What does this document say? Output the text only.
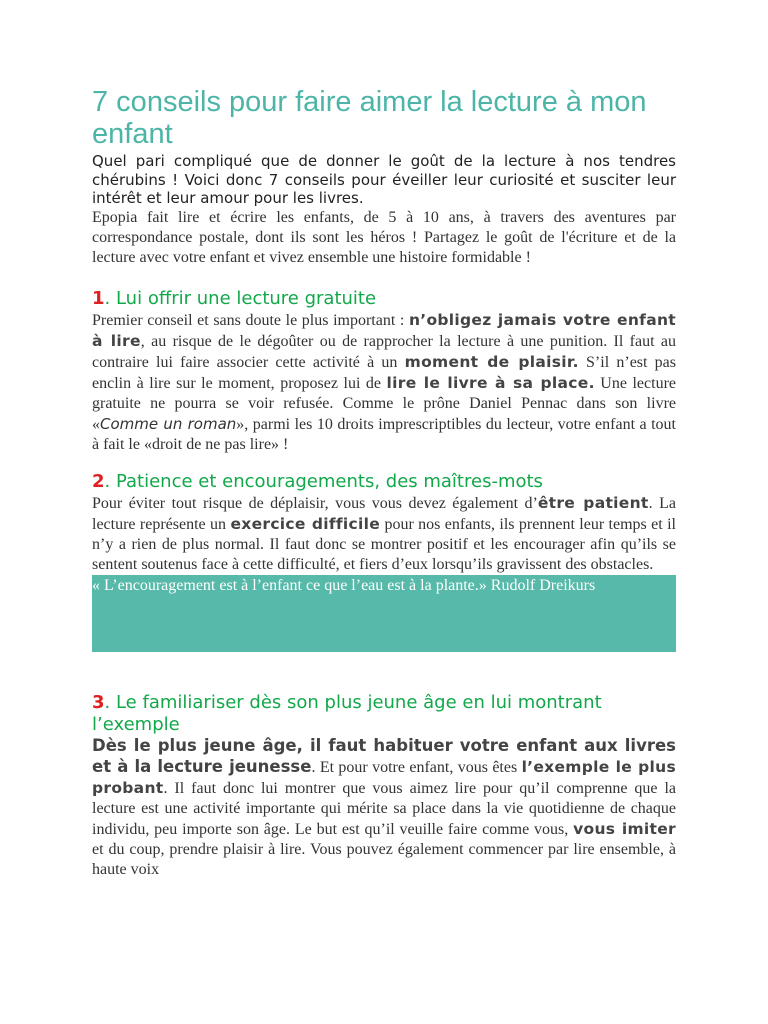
7 conseils pour faire aimer la lecture à mon enfant

Quel pari compliqué que de donner le goût de la lecture à nos tendres chérubins ! Voici donc 7 conseils pour éveiller leur curiosité et susciter leur intérêt et leur amour pour les livres.

Epopia fait lire et écrire les enfants, de 5 à 10 ans, à travers des aventures par correspondance postale, dont ils sont les héros ! Partagez le goût de l'écriture et de la lecture avec votre enfant et vivez ensemble une histoire formidable !

1. Lui offrir une lecture gratuite

Premier conseil et sans doute le plus important : n’obligez jamais votre enfant à lire, au risque de le dégoûter ou de rapprocher la lecture à une punition. Il faut au contraire lui faire associer cette activité à un moment de plaisir. S’il n’est pas enclin à lire sur le moment, proposez lui de lire le livre à sa place. Une lecture gratuite ne pourra se voir refusée. Comme le prône Daniel Pennac dans son livre «Comme un roman», parmi les 10 droits imprescriptibles du lecteur, votre enfant a tout à fait le «droit de ne pas lire» !

2. Patience et encouragements, des maîtres-mots

Pour éviter tout risque de déplaisir, vous vous devez également d’être patient. La lecture représente un exercice difficile pour nos enfants, ils prennent leur temps et il n’y a rien de plus normal. Il faut donc se montrer positif et les encourager afin qu’ils se sentent soutenus face à cette difficulté, et fiers d’eux lorsqu’ils gravissent des obstacles.

« L’encouragement est à l’enfant ce que l’eau est à la plante.» Rudolf Dreikurs
3. Le familiariser dès son plus jeune âge en lui montrant l’exemple

Dès le plus jeune âge, il faut habituer votre enfant aux livres et à la lecture jeunesse. Et pour votre enfant, vous êtes l’exemple le plus probant. Il faut donc lui montrer que vous aimez lire pour qu’il comprenne que la lecture est une activité importante qui mérite sa place dans la vie quotidienne de chaque individu, peu importe son âge. Le but est qu’il veuille faire comme vous, vous imiter et du coup, prendre plaisir à lire. Vous pouvez également commencer par lire ensemble, à haute voix
